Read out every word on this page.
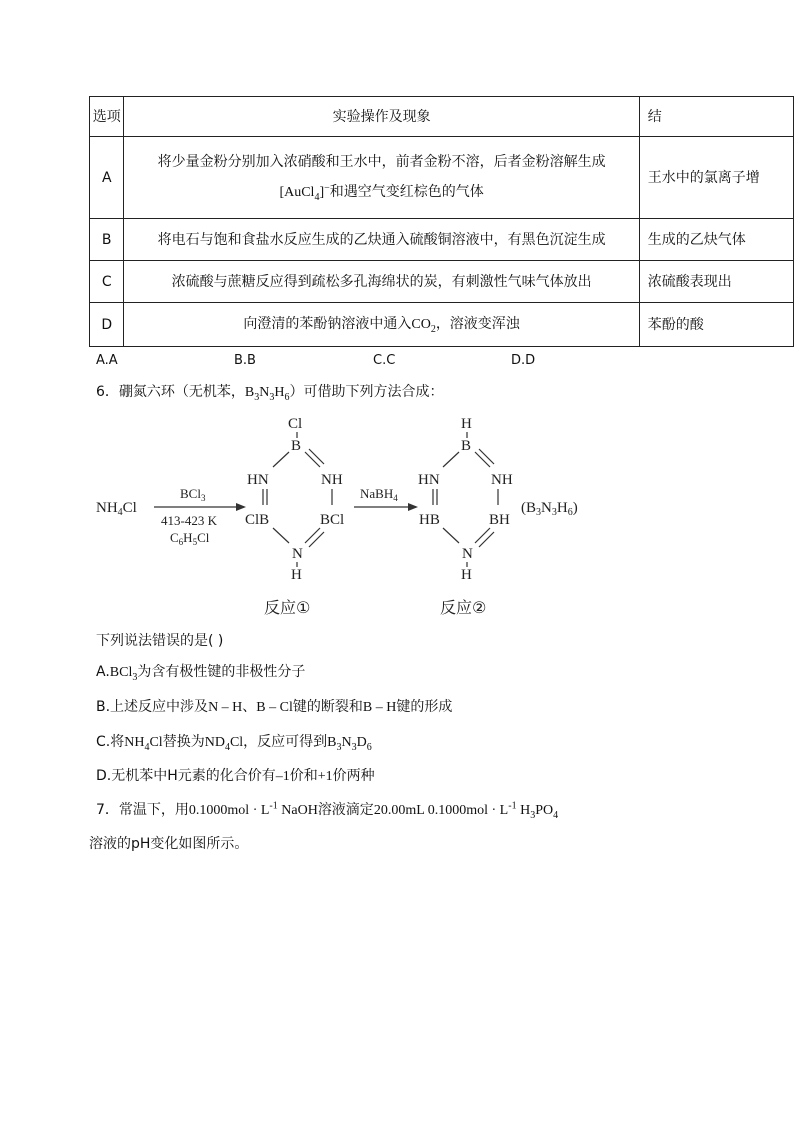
选项	实验操作及现象	结
A	将少量金粉分别加入浓硝酸和王水中，前者金粉不溶，后者金粉溶解生成
[AuCl$_4$]−和遇空气变红棕色的气体	王水中的氯离子增
B	将电石与饱和食盐水反应生成的乙炔通入硫酸铜溶液中，有黑色沉淀生成	生成的乙炔气体
C	浓硫酸与蔗糖反应得到疏松多孔海绵状的炭，有刺激性气味气体放出	浓硫酸表现出
D	向澄清的苯酚钠溶液中通入$CO_2$，溶液变浑浊	苯酚的酸
A.A	B.B	C.C	D.D
6．硼氮六环（无机苯，$B_3N_3H_6$）可借助下列方法合成：
$NH_4Cl$
BCl$_3$
413-423 K
$C_6H_5Cl$
Cl
B
HN	NH
ClB	BCl
N
H
NaBH$_4$
H
B
HN	NH
HB	BH
N
H
$(B_3N_3H_6)$
反应①	反应②
下列说法错误的是( )
A.BCl$_3$为含有极性键的非极性分子
B.上述反应中涉及N – H、B – Cl键的断裂和B – H键的形成
C.将$NH_4Cl$替换为$ND_4Cl$，反应可得到$B_3N_3D_6$
D.无机苯中H元素的化合价有–1价和+1价两种
7．常温下，用$0.1000mol \cdot L^{-1}$ NaOH溶液滴定20.00mL $0.1000mol \cdot L^{-1}$ $H_3PO_4$
溶液的pH变化如图所示。
